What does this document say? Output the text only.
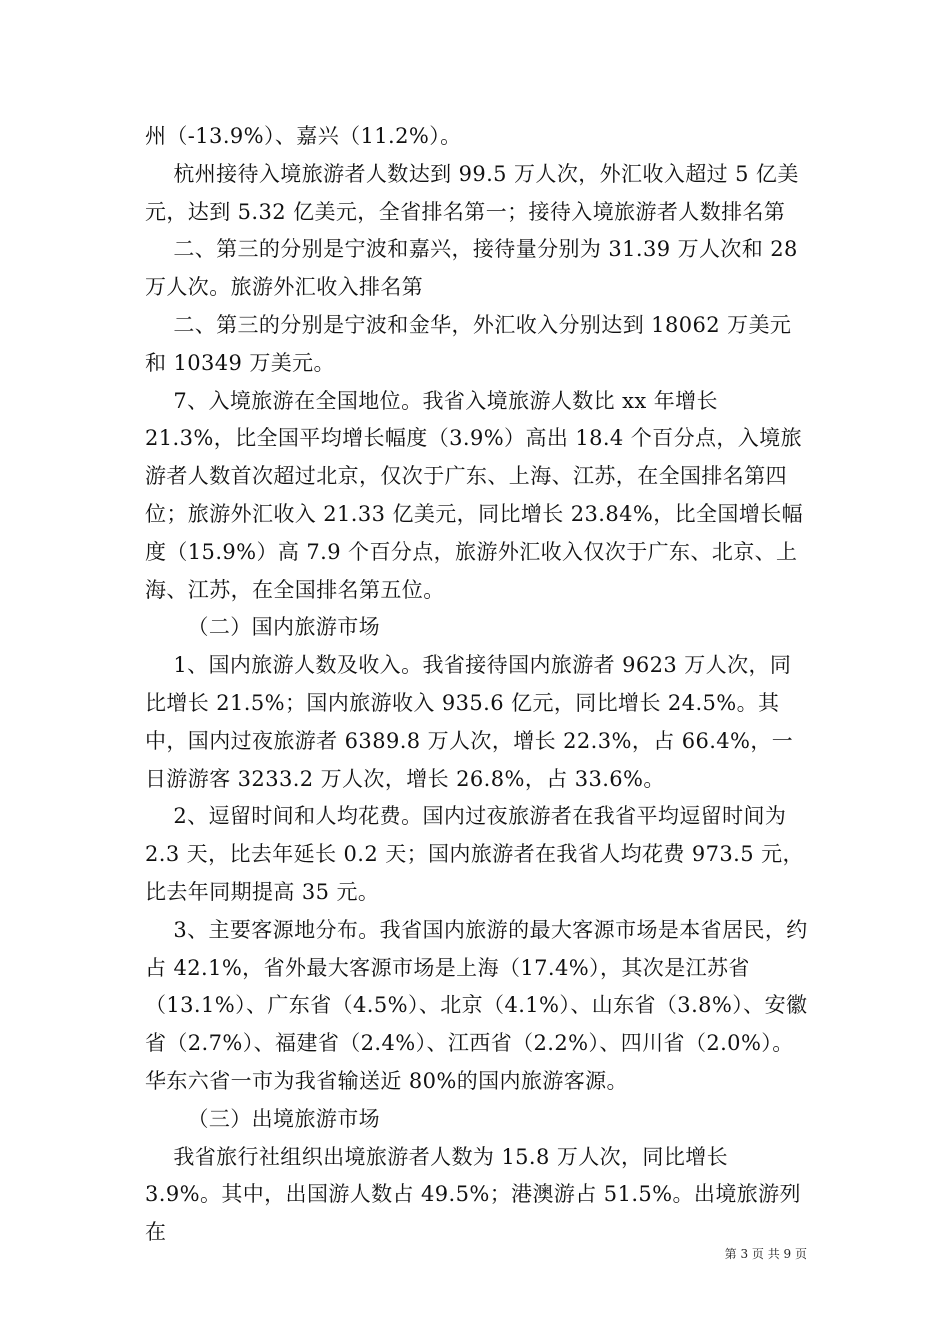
州（-13.9%）、嘉兴（11.2%）。

杭州接待入境旅游者人数达到 99.5 万人次，外汇收入超过 5 亿美元，达到 5.32 亿美元，全省排名第一；接待入境旅游者人数排名第

二、第三的分别是宁波和嘉兴，接待量分别为 31.39 万人次和 28 万人次。旅游外汇收入排名第

二、第三的分别是宁波和金华，外汇收入分别达到 18062 万美元和 10349 万美元。

7、入境旅游在全国地位。我省入境旅游人数比 xx 年增长 21.3%，比全国平均增长幅度（3.9%）高出 18.4 个百分点，入境旅游者人数首次超过北京，仅次于广东、上海、江苏，在全国排名第四位；旅游外汇收入 21.33 亿美元，同比增长 23.84%，比全国增长幅度（15.9%）高 7.9 个百分点，旅游外汇收入仅次于广东、北京、上海、江苏，在全国排名第五位。

（二）国内旅游市场

1、国内旅游人数及收入。我省接待国内旅游者 9623 万人次，同比增长 21.5%；国内旅游收入 935.6 亿元，同比增长 24.5%。其中，国内过夜旅游者 6389.8 万人次，增长 22.3%，占 66.4%，一日游游客 3233.2 万人次，增长 26.8%，占 33.6%。

2、逗留时间和人均花费。国内过夜旅游者在我省平均逗留时间为 2.3 天，比去年延长 0.2 天；国内旅游者在我省人均花费 973.5 元，比去年同期提高 35 元。

3、主要客源地分布。我省国内旅游的最大客源市场是本省居民，约占 42.1%，省外最大客源市场是上海（17.4%），其次是江苏省（13.1%）、广东省（4.5%）、北京（4.1%）、山东省（3.8%）、安徽省（2.7%）、福建省（2.4%）、江西省（2.2%）、四川省（2.0%）。华东六省一市为我省输送近 80%的国内旅游客源。

（三）出境旅游市场

我省旅行社组织出境旅游者人数为 15.8 万人次，同比增长 3.9%。其中，出国游人数占 49.5%；港澳游占 51.5%。出境旅游列在

第 3 页 共 9 页
